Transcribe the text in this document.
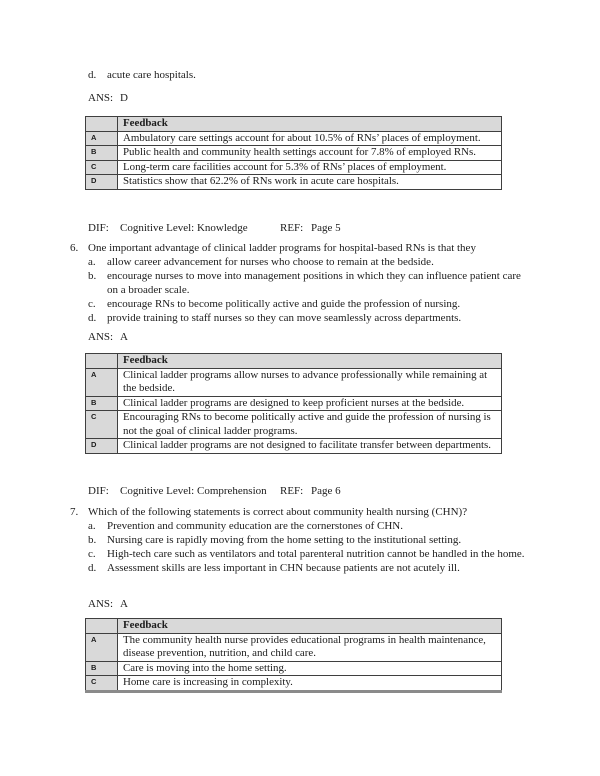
d. acute care hospitals.
ANS: D
	Feedback
A	Ambulatory care settings account for about 10.5% of RNs’ places of employment.
B	Public health and community health settings account for 7.8% of employed RNs.
C	Long-term care facilities account for 5.3% of RNs’ places of employment.
D	Statistics show that 62.2% of RNs work in acute care hospitals.
DIF:	Cognitive Level: Knowledge	REF: Page 5
6. One important advantage of clinical ladder programs for hospital-based RNs is that they
a.	allow career advancement for nurses who choose to remain at the bedside.
b. encourage nurses to move into management positions in which they can influence patient care on a broader scale.
c.	encourage RNs to become politically active and guide the profession of nursing.
d. provide training to staff nurses so they can move seamlessly across departments.
ANS: A
	Feedback
A	Clinical ladder programs allow nurses to advance professionally while remaining at the bedside.
B	Clinical ladder programs are designed to keep proficient nurses at the bedside.
C	Encouraging RNs to become politically active and guide the profession of nursing is not the goal of clinical ladder programs.
D	Clinical ladder programs are not designed to facilitate transfer between departments.
DIF:	Cognitive Level: Comprehension	REF: Page 6
7. Which of the following statements is correct about community health nursing (CHN)?
a.	Prevention and community education are the cornerstones of CHN.
b. Nursing care is rapidly moving from the home setting to the institutional setting.
c.	High-tech care such as ventilators and total parenteral nutrition cannot be handled in the home.
d. Assessment skills are less important in CHN because patients are not acutely ill.
ANS: A
	Feedback
A	The community health nurse provides educational programs in health maintenance, disease prevention, nutrition, and child care.
B	Care is moving into the home setting.
C	Home care is increasing in complexity.
